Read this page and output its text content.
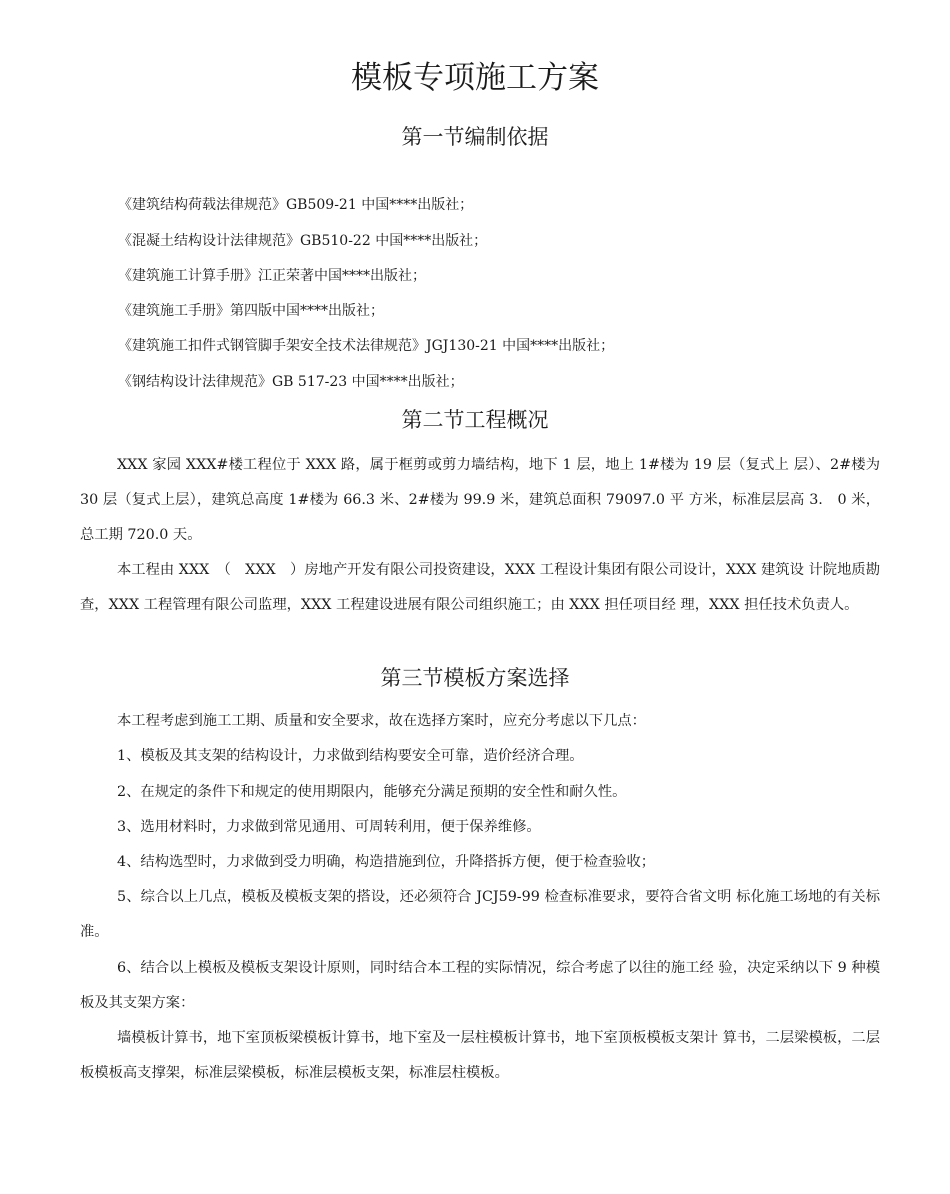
模板专项施工方案
第一节编制依据

《建筑结构荷载法律规范》GB509-21 中国****出版社；

《混凝土结构设计法律规范》GB510-22 中国****出版社；

《建筑施工计算手册》江正荣著中国****出版社；

《建筑施工手册》第四版中国****出版社；

《建筑施工扣件式钢管脚手架安全技术法律规范》JGJ130-21 中国****出版社；

《钢结构设计法律规范》GB 517-23 中国****出版社；

第二节工程概况

XXX 家园 XXX#楼工程位于 XXX 路，属于框剪或剪力墙结构，地下 1 层，地上 1#楼为 19 层（复式上 层）、2#楼为 30 层（复式上层），建筑总高度 1#楼为 66.3 米、2#楼为 99.9 米，建筑总面积 79097.0 平 方米，标准层层高 3.　0 米，总工期 720.0 天。

本工程由 XXX　（　XXX　）房地产开发有限公司投资建设，XXX 工程设计集团有限公司设计，XXX 建筑设 计院地质勘查，XXX 工程管理有限公司监理，XXX 工程建设进展有限公司组织施工；由 XXX 担任项目经 理，XXX 担任技术负责人。

第三节模板方案选择

本工程考虑到施工工期、质量和安全要求，故在选择方案时，应充分考虑以下几点：

1、模板及其支架的结构设计，力求做到结构要安全可靠，造价经济合理。

2、在规定的条件下和规定的使用期限内，能够充分满足预期的安全性和耐久性。

3、选用材料时，力求做到常见通用、可周转利用，便于保养维修。

4、结构选型时，力求做到受力明确，构造措施到位，升降搭拆方便，便于检查验收；

5、综合以上几点，模板及模板支架的搭设，还必须符合 JCJ59-99 检查标准要求，要符合省文明 标化施工场地的有关标准。

6、结合以上模板及模板支架设计原则，同时结合本工程的实际情况，综合考虑了以往的施工经 验，决定采纳以下 9 种模板及其支架方案：

墙模板计算书，地下室顶板梁模板计算书，地下室及一层柱模板计算书，地下室顶板模板支架计 算书，二层梁模板，二层板模板高支撑架，标准层梁模板，标准层模板支架，标准层柱模板。
